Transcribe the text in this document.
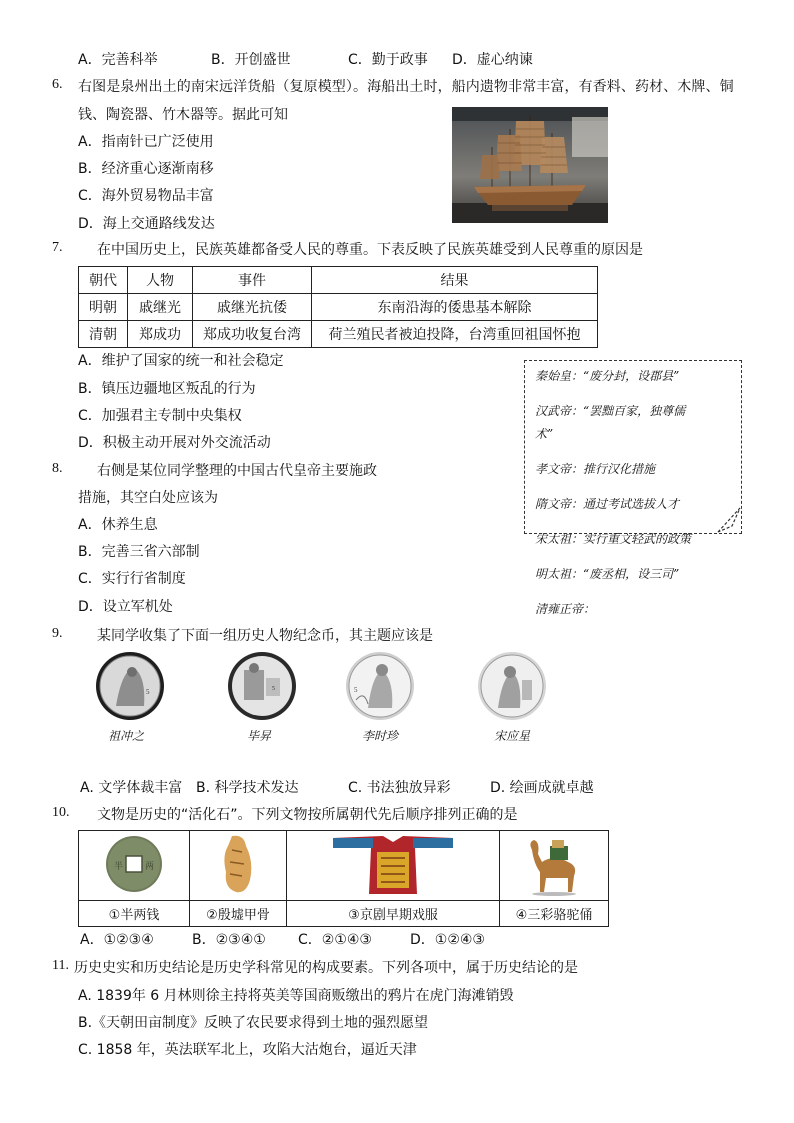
A．完善科举	B．开创盛世	C．勤于政事 D．虚心纳谏
6. 右图是泉州出土的南宋远洋货船（复原模型）。海船出土时，船内遗物非常丰富，有香料、药材、木牌、铜
钱、陶瓷器、竹木器等。据此可知
A．指南针已广泛使用
B．经济重心逐渐南移
C．海外贸易物品丰富
D．海上交通路线发达
7. 在中国历史上，民族英雄都备受人民的尊重。下表反映了民族英雄受到人民尊重的原因是
朝代	人物	事件	结果
明朝	戚继光	戚继光抗倭	东南沿海的倭患基本解除
清朝	郑成功	郑成功收复台湾	荷兰殖民者被迫投降，台湾重回祖国怀抱
A．维护了国家的统一和社会稳定
B．镇压边疆地区叛乱的行为
C．加强君主专制中央集权
D．积极主动开展对外交流活动
8. 右侧是某位同学整理的中国古代皇帝主要施政
措施，其空白处应该为
A．休养生息
B．完善三省六部制
C．实行行省制度
D．设立军机处
秦始皇：“废分封，设郡县”
汉武帝：“罢黜百家，独尊儒
术”
孝文帝：推行汉化措施
隋文帝：通过考试选拔人才
宋太祖：实行重文轻武的政策
明太祖：“废丞相，设三司”
清雍正帝：
9. 某同学收集了下面一组历史人物纪念币，其主题应该是
5	5	5
祖冲之	毕昇	李时珍	宋应星
A. 文学体裁丰富 B. 科学技术发达	C. 书法独放异彩	D. 绘画成就卓越
10. 文物是历史的“活化石”。下列文物按所属朝代先后顺序排列正确的是
半 两

①半两钱	②殷墟甲骨	③京剧早期戏服	④三彩骆驼俑
A．①②③④	B．②③④① C．②①④③	D．①②④③
11. 历史史实和历史结论是历史学科常见的构成要素。下列各项中，属于历史结论的是
A. 1839年 6 月林则徐主持将英美等国商贩缴出的鸦片在虎门海滩销毁
B.《天朝田亩制度》反映了农民要求得到土地的强烈愿望
C. 1858 年，英法联军北上，攻陷大沽炮台，逼近天津
